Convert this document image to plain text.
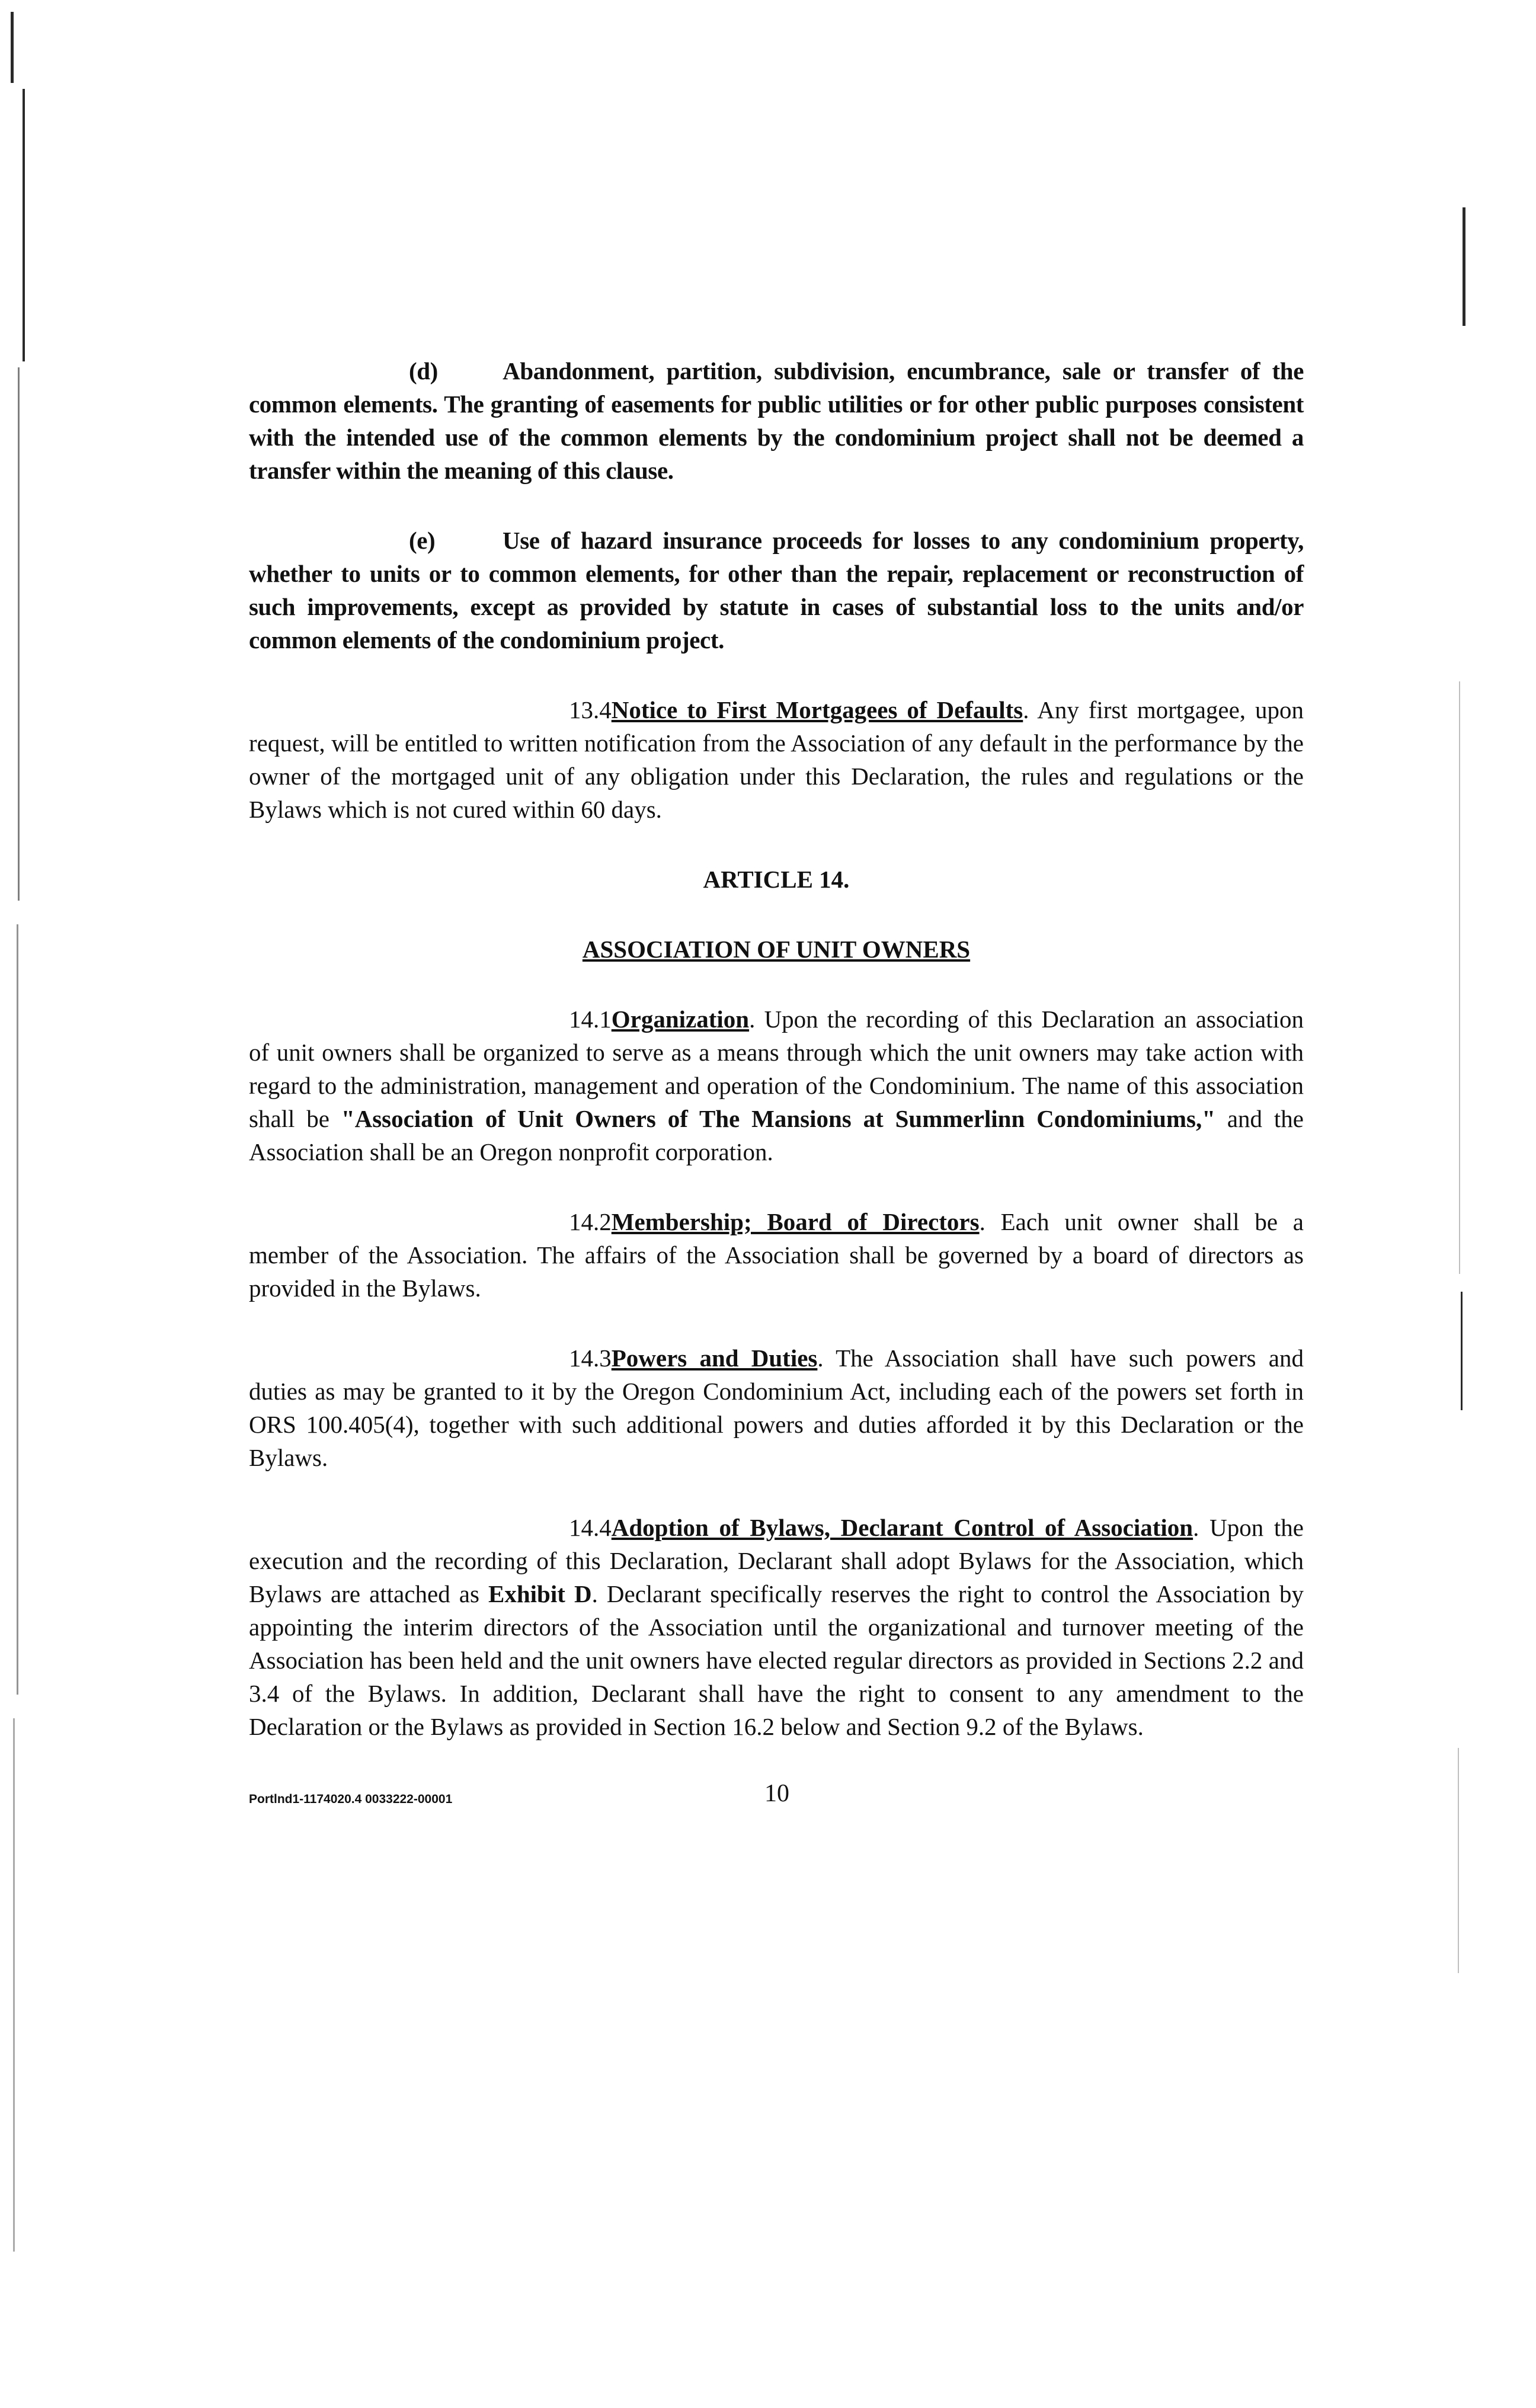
(d)	Abandonment, partition, subdivision, encumbrance, sale or transfer of the common elements. The granting of easements for public utilities or for other public purposes consistent with the intended use of the common elements by the condominium project shall not be deemed a transfer within the meaning of this clause.

(e)	Use of hazard insurance proceeds for losses to any condominium property, whether to units or to common elements, for other than the repair, replacement or reconstruction of such improvements, except as provided by statute in cases of substantial loss to the units and/or common elements of the condominium project.

13.4Notice to First Mortgagees of Defaults. Any first mortgagee, upon request, will be entitled to written notification from the Association of any default in the performance by the owner of the mortgaged unit of any obligation under this Declaration, the rules and regulations or the Bylaws which is not cured within 60 days.

ARTICLE 14.

ASSOCIATION OF UNIT OWNERS

14.1Organization. Upon the recording of this Declaration an association of unit owners shall be organized to serve as a means through which the unit owners may take action with regard to the administration, management and operation of the Condominium. The name of this association shall be "Association of Unit Owners of The Mansions at Summerlinn Condominiums," and the Association shall be an Oregon nonprofit corporation.

14.2Membership; Board of Directors. Each unit owner shall be a member of the Association. The affairs of the Association shall be governed by a board of directors as provided in the Bylaws.

14.3Powers and Duties. The Association shall have such powers and duties as may be granted to it by the Oregon Condominium Act, including each of the powers set forth in ORS 100.405(4), together with such additional powers and duties afforded it by this Declaration or the Bylaws.

14.4Adoption of Bylaws, Declarant Control of Association. Upon the execution and the recording of this Declaration, Declarant shall adopt Bylaws for the Association, which Bylaws are attached as Exhibit D. Declarant specifically reserves the right to control the Association by appointing the interim directors of the Association until the organizational and turnover meeting of the Association has been held and the unit owners have elected regular directors as provided in Sections 2.2 and 3.4 of the Bylaws. In addition, Declarant shall have the right to consent to any amendment to the Declaration or the Bylaws as provided in Section 16.2 below and Section 9.2 of the Bylaws.

Portlnd1-1174020.4 0033222-00001	10
